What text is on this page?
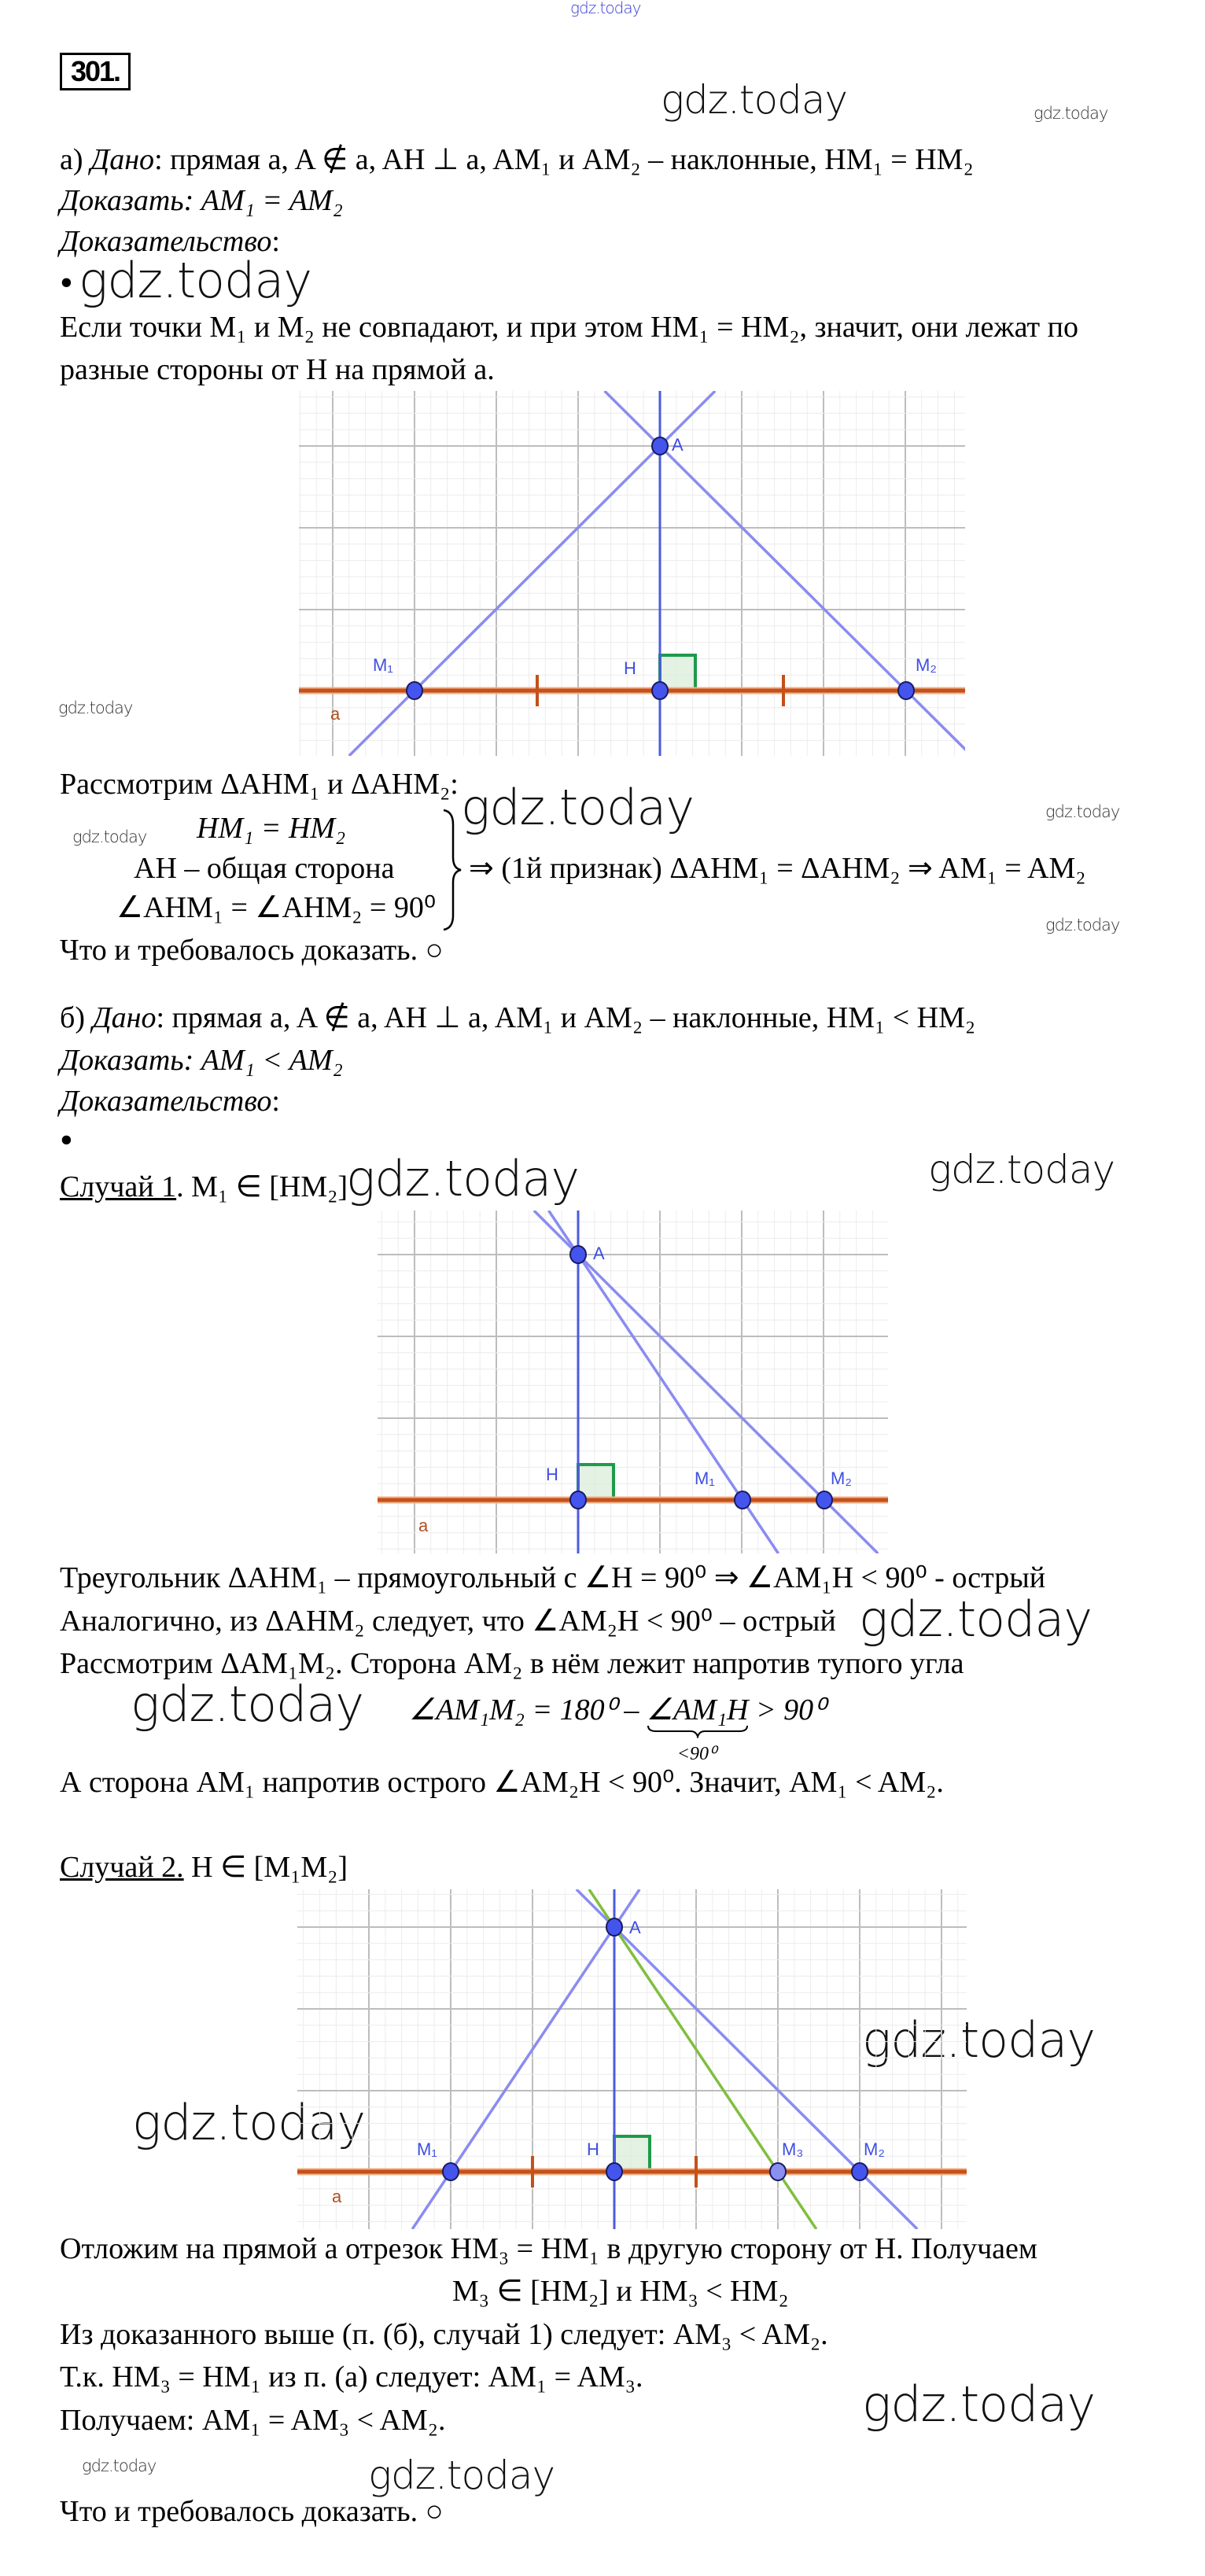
gdz.today
gdz.today	gdz.today
gdz.today
gdz.today
gdz.today
gdz.today	gdz.today
gdz.today
gdz.today	gdz.today
gdz.today
gdz.today
gdz.today
gdz.today
gdz.today
gdz.today	gdz.today
301.
а) Дано: прямая a, A ∉ a, AH ⊥ a, AM₁ и AM₂ – наклонные, HM₁ = HM₂
Доказать: AM₁ = AM₂
Доказательство:
•
Если точки M₁ и M₂ не совпадают, и при этом HM₁ = HM₂, значит, они лежат по
разные стороны от H на прямой a.
A
M₁	H	M₂
a
Рассмотрим ΔAHM₁ и ΔAHM₂:
HM₁ = HM₂
AH – общая сторона
∠AHM₁ = ∠AHM₂ = 90⁰
⇒ (1й признак) ΔAHM₁ = ΔAHM₂ ⇒ AM₁ = AM₂
Что и требовалось доказать. ○
б) Дано: прямая a, A ∉ a, AH ⊥ a, AM₁ и AM₂ – наклонные, HM₁ < HM₂
Доказать: AM₁ < AM₂
Доказательство:
•
Случай 1. M₁ ∈ [HM₂]
A
H	M₁	M₂
a
Треугольник ΔAHM₁ – прямоугольный с ∠H = 90⁰ ⇒ ∠AM₁H < 90⁰ - острый
Аналогично, из ΔAHM₂ следует, что ∠AM₂H < 90⁰ – острый
Рассмотрим ΔAM₁M₂. Сторона AM₂ в нём лежит напротив тупого угла
∠AM₁M₂ = 180⁰ – ∠AM₁H
<90⁰
> 90⁰
А сторона AM₁ напротив острого ∠AM₂H < 90⁰. Значит, AM₁ < AM₂.
Случай 2. H ∈ [M₁M₂]
A
M₁	H	M₃	M₂
a
Отложим на прямой a отрезок HM₃ = HM₁ в другую сторону от H. Получаем
M₃ ∈ [HM₂] и HM₃ < HM₂
Из доказанного выше (п. (б), случай 1) следует: AM₃ < AM₂.
Т.к. HM₃ = HM₁ из п. (а) следует: AM₁ = AM₃.
Получаем: AM₁ = AM₃ < AM₂.
Что и требовалось доказать. ○
